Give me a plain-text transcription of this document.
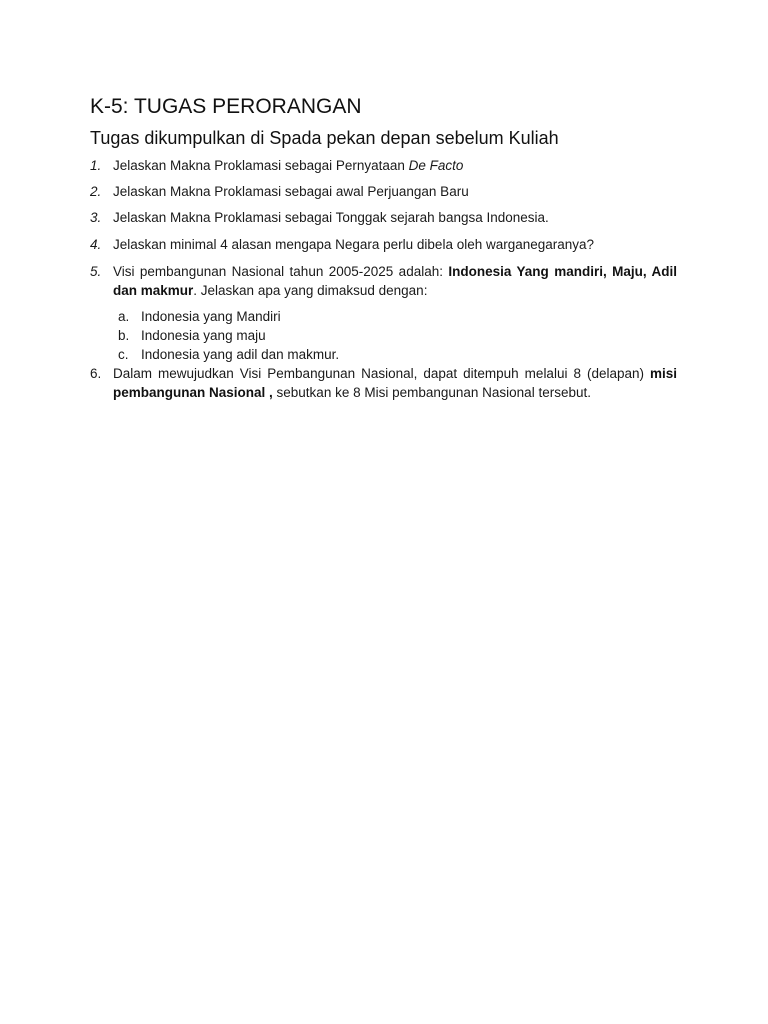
K-5: TUGAS PERORANGAN
Tugas dikumpulkan di Spada pekan depan sebelum Kuliah
1. Jelaskan Makna Proklamasi sebagai Pernyataan De Facto
2. Jelaskan Makna Proklamasi sebagai awal Perjuangan Baru
3. Jelaskan Makna Proklamasi sebagai Tonggak sejarah bangsa Indonesia.
4. Jelaskan minimal 4 alasan mengapa Negara perlu dibela oleh warganegaranya?
5. Visi pembangunan Nasional tahun 2005-2025 adalah: Indonesia Yang mandiri, Maju, Adil dan makmur. Jelaskan apa yang dimaksud dengan:
a. Indonesia yang Mandiri
b. Indonesia yang maju
c. Indonesia yang adil dan makmur.
6. Dalam mewujudkan Visi Pembangunan Nasional, dapat ditempuh melalui 8 (delapan) misi pembangunan Nasional , sebutkan ke 8 Misi pembangunan Nasional tersebut.
